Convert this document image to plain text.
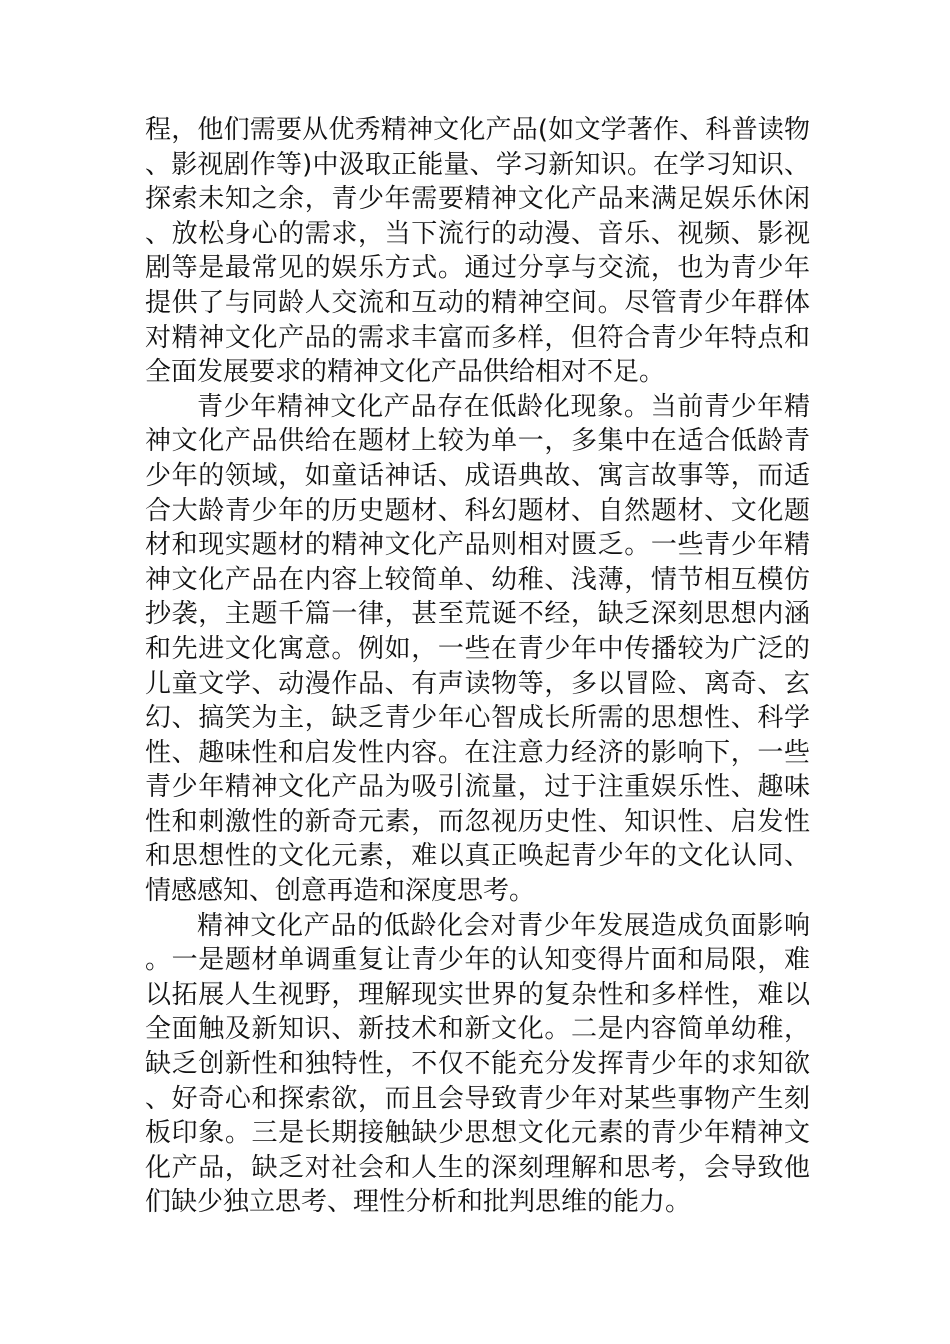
程，他们需要从优秀精神文化产品(如文学著作、科普读物、影视剧作等)中汲取正能量、学习新知识。在学习知识、探索未知之余，青少年需要精神文化产品来满足娱乐休闲、放松身心的需求，当下流行的动漫、音乐、视频、影视剧等是最常见的娱乐方式。通过分享与交流，也为青少年提供了与同龄人交流和互动的精神空间。尽管青少年群体对精神文化产品的需求丰富而多样，但符合青少年特点和全面发展要求的精神文化产品供给相对不足。

青少年精神文化产品存在低龄化现象。当前青少年精神文化产品供给在题材上较为单一，多集中在适合低龄青少年的领域，如童话神话、成语典故、寓言故事等，而适合大龄青少年的历史题材、科幻题材、自然题材、文化题材和现实题材的精神文化产品则相对匮乏。一些青少年精神文化产品在内容上较简单、幼稚、浅薄，情节相互模仿抄袭，主题千篇一律，甚至荒诞不经，缺乏深刻思想内涵和先进文化寓意。例如，一些在青少年中传播较为广泛的儿童文学、动漫作品、有声读物等，多以冒险、离奇、玄幻、搞笑为主，缺乏青少年心智成长所需的思想性、科学性、趣味性和启发性内容。在注意力经济的影响下，一些青少年精神文化产品为吸引流量，过于注重娱乐性、趣味性和刺激性的新奇元素，而忽视历史性、知识性、启发性和思想性的文化元素，难以真正唤起青少年的文化认同、情感感知、创意再造和深度思考。

精神文化产品的低龄化会对青少年发展造成负面影响。一是题材单调重复让青少年的认知变得片面和局限，难以拓展人生视野，理解现实世界的复杂性和多样性，难以全面触及新知识、新技术和新文化。二是内容简单幼稚，缺乏创新性和独特性，不仅不能充分发挥青少年的求知欲、好奇心和探索欲，而且会导致青少年对某些事物产生刻板印象。三是长期接触缺少思想文化元素的青少年精神文化产品，缺乏对社会和人生的深刻理解和思考，会导致他们缺少独立思考、理性分析和批判思维的能力。
